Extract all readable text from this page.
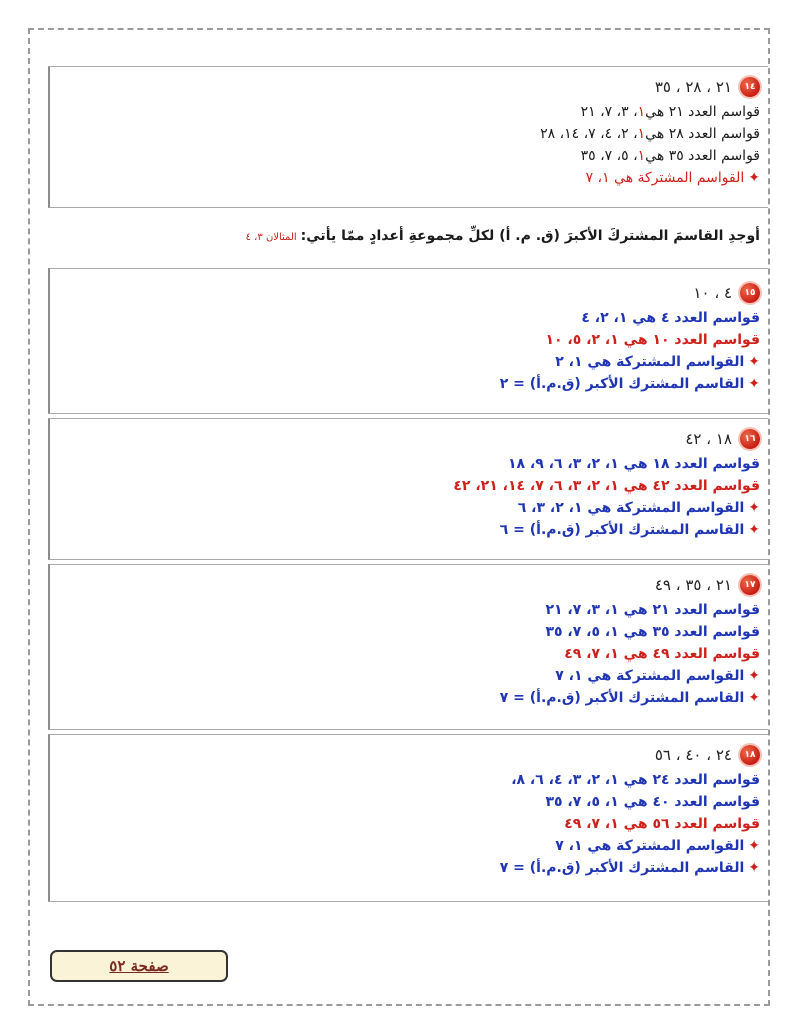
١٤
٢١ ، ٢٨ ، ٣٥
قواسم العدد ٢١ هي
١
، ٣، ٧، ٢١
قواسم العدد ٢٨ هي
١
، ٢، ٤، ٧، ١٤، ٢٨
قواسم العدد ٣٥ هي
١
، ٥، ٧، ٣٥
✦
القواسم المشتركة هي ١، ٧
أوجدِ القاسمَ المشتركَ الأكبرَ (ق. م. أ) لكلِّ مجموعةِ أعدادٍ ممّا يأتي:المثالان ٣، ٤
١٥
٤ ، ١٠
قواسم العدد ٤ هي ١، ٢، ٤
قواسم العدد ١٠ هي ١، ٢، ٥، ١٠
✦
القواسم المشتركة هي ١، ٢
✦
القاسم المشترك الأكبر (ق.م.أ) = ٢
١٦
١٨ ، ٤٢
قواسم العدد ١٨ هي ١، ٢، ٣، ٦، ٩، ١٨
قواسم العدد ٤٢ هي ١، ٢، ٣، ٦، ٧، ١٤، ٢١، ٤٢
✦
القواسم المشتركة هي ١، ٢، ٣، ٦
✦
القاسم المشترك الأكبر (ق.م.أ) = ٦
١٧
٢١ ، ٣٥ ، ٤٩
قواسم العدد ٢١ هي ١، ٣، ٧، ٢١
قواسم العدد ٣٥ هي ١، ٥، ٧، ٣٥
قواسم العدد ٤٩ هي ١، ٧، ٤٩
✦
القواسم المشتركة هي ١، ٧
✦
القاسم المشترك الأكبر (ق.م.أ) = ٧
١٨
٢٤ ، ٤٠ ، ٥٦
قواسم العدد ٢٤ هي ١، ٢، ٣، ٤، ٦، ٨،
قواسم العدد ٤٠ هي ١، ٥، ٧، ٣٥
قواسم العدد ٥٦ هي ١، ٧، ٤٩
✦
القواسم المشتركة هي ١، ٧
✦
القاسم المشترك الأكبر (ق.م.أ) = ٧
صفحة ٥٢
